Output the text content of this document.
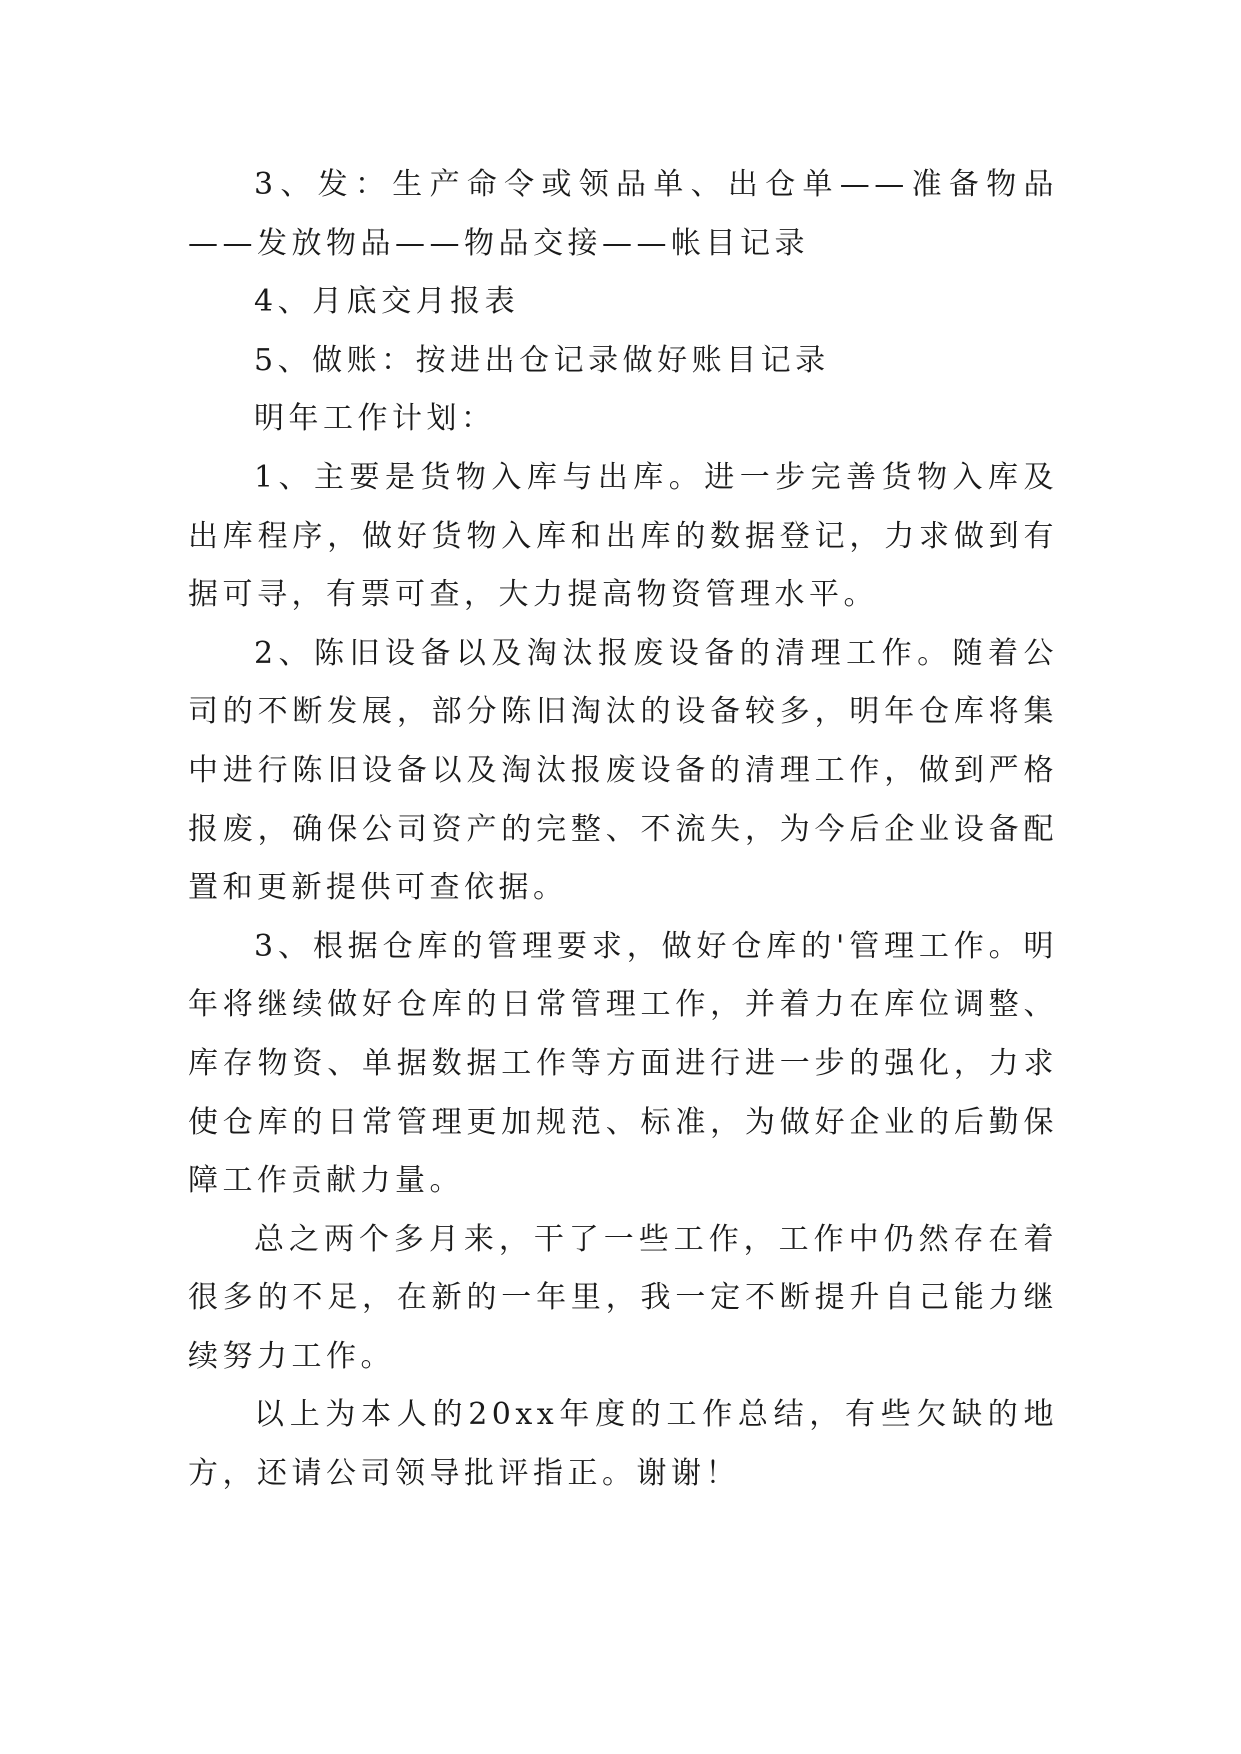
3、发：生产命令或领品单、出仓单——准备物品——发放物品——物品交接——帐目记录

4、月底交月报表

5、做账：按进出仓记录做好账目记录

明年工作计划：

1、主要是货物入库与出库。进一步完善货物入库及出库程序，做好货物入库和出库的数据登记，力求做到有据可寻，有票可查，大力提高物资管理水平。

2、陈旧设备以及淘汰报废设备的清理工作。随着公司的不断发展，部分陈旧淘汰的设备较多，明年仓库将集中进行陈旧设备以及淘汰报废设备的清理工作，做到严格报废，确保公司资产的完整、不流失，为今后企业设备配置和更新提供可查依据。

3、根据仓库的管理要求，做好仓库的'管理工作。明年将继续做好仓库的日常管理工作，并着力在库位调整、库存物资、单据数据工作等方面进行进一步的强化，力求使仓库的日常管理更加规范、标准，为做好企业的后勤保障工作贡献力量。

总之两个多月来，干了一些工作，工作中仍然存在着很多的不足，在新的一年里，我一定不断提升自己能力继续努力工作。

以上为本人的20xx年度的工作总结，有些欠缺的地方，还请公司领导批评指正。谢谢！
